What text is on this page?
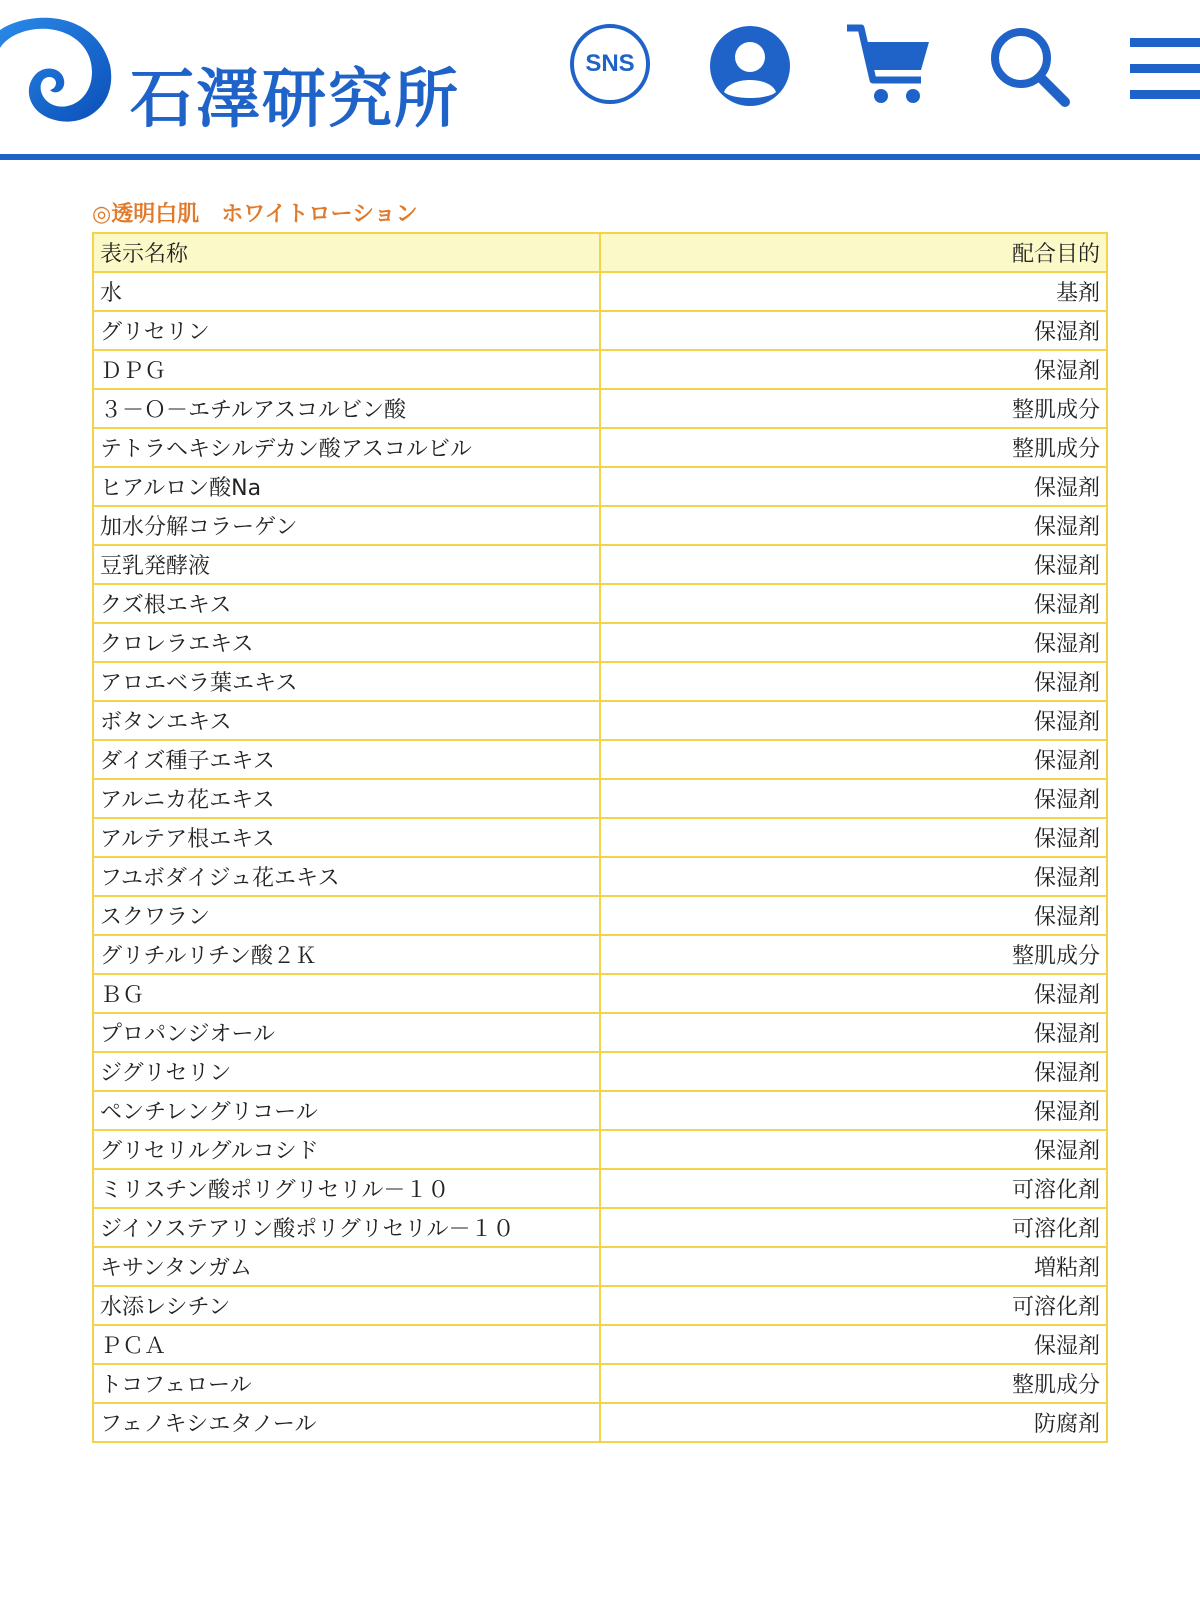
石澤研究所	SNS
◎透明白肌　ホワイトローション
表示名称	配合目的
水	基剤
グリセリン	保湿剤
ＤＰＧ	保湿剤
３－Ｏ－エチルアスコルビン酸	整肌成分
テトラヘキシルデカン酸アスコルビル	整肌成分
ヒアルロン酸Na	保湿剤
加水分解コラーゲン	保湿剤
豆乳発酵液	保湿剤
クズ根エキス	保湿剤
クロレラエキス	保湿剤
アロエベラ葉エキス	保湿剤
ボタンエキス	保湿剤
ダイズ種子エキス	保湿剤
アルニカ花エキス	保湿剤
アルテア根エキス	保湿剤
フユボダイジュ花エキス	保湿剤
スクワラン	保湿剤
グリチルリチン酸２Ｋ	整肌成分
ＢＧ	保湿剤
プロパンジオール	保湿剤
ジグリセリン	保湿剤
ペンチレングリコール	保湿剤
グリセリルグルコシド	保湿剤
ミリスチン酸ポリグリセリル－１０	可溶化剤
ジイソステアリン酸ポリグリセリル－１０	可溶化剤
キサンタンガム	増粘剤
水添レシチン	可溶化剤
ＰＣＡ	保湿剤
トコフェロール	整肌成分
フェノキシエタノール	防腐剤
